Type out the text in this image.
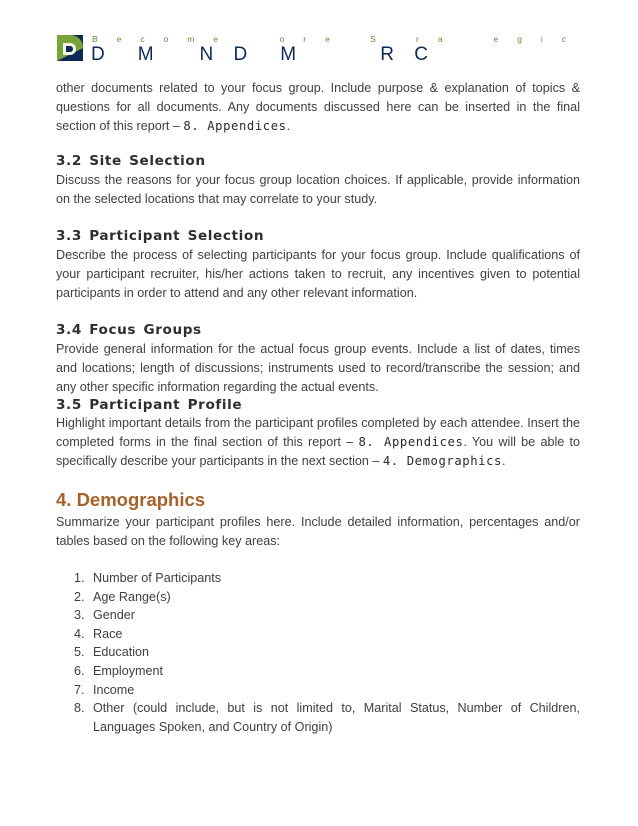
B e c o m e     o r e   S   r a    e g i c
D  M   N D  M      R C

other documents related to your focus group. Include purpose & explanation of topics & questions for all documents. Any documents discussed here can be inserted in the final section of this report – 8. Appendices.

3.2 Site Selection

Discuss the reasons for your focus group location choices. If applicable, provide information on the selected locations that may correlate to your study.

3.3 Participant Selection

Describe the process of selecting participants for your focus group. Include qualifications of your participant recruiter, his/her actions taken to recruit, any incentives given to potential participants in order to attend and any other relevant information.

3.4 Focus Groups

Provide general information for the actual focus group events. Include a list of dates, times and locations; length of discussions; instruments used to record/transcribe the session; and any other specific information regarding the actual events.

3.5 Participant Profile

Highlight important details from the participant profiles completed by each attendee. Insert the completed forms in the final section of this report – 8. Appendices. You will be able to specifically describe your participants in the next section – 4. Demographics.

4. Demographics

Summarize your participant profiles here. Include detailed information, percentages and/or tables based on the following key areas:

1. Number of Participants
2. Age Range(s)
3. Gender
4. Race
5. Education
6. Employment
7. Income
8. Other (could include, but is not limited to, Marital Status, Number of Children, Languages Spoken, and Country of Origin)
